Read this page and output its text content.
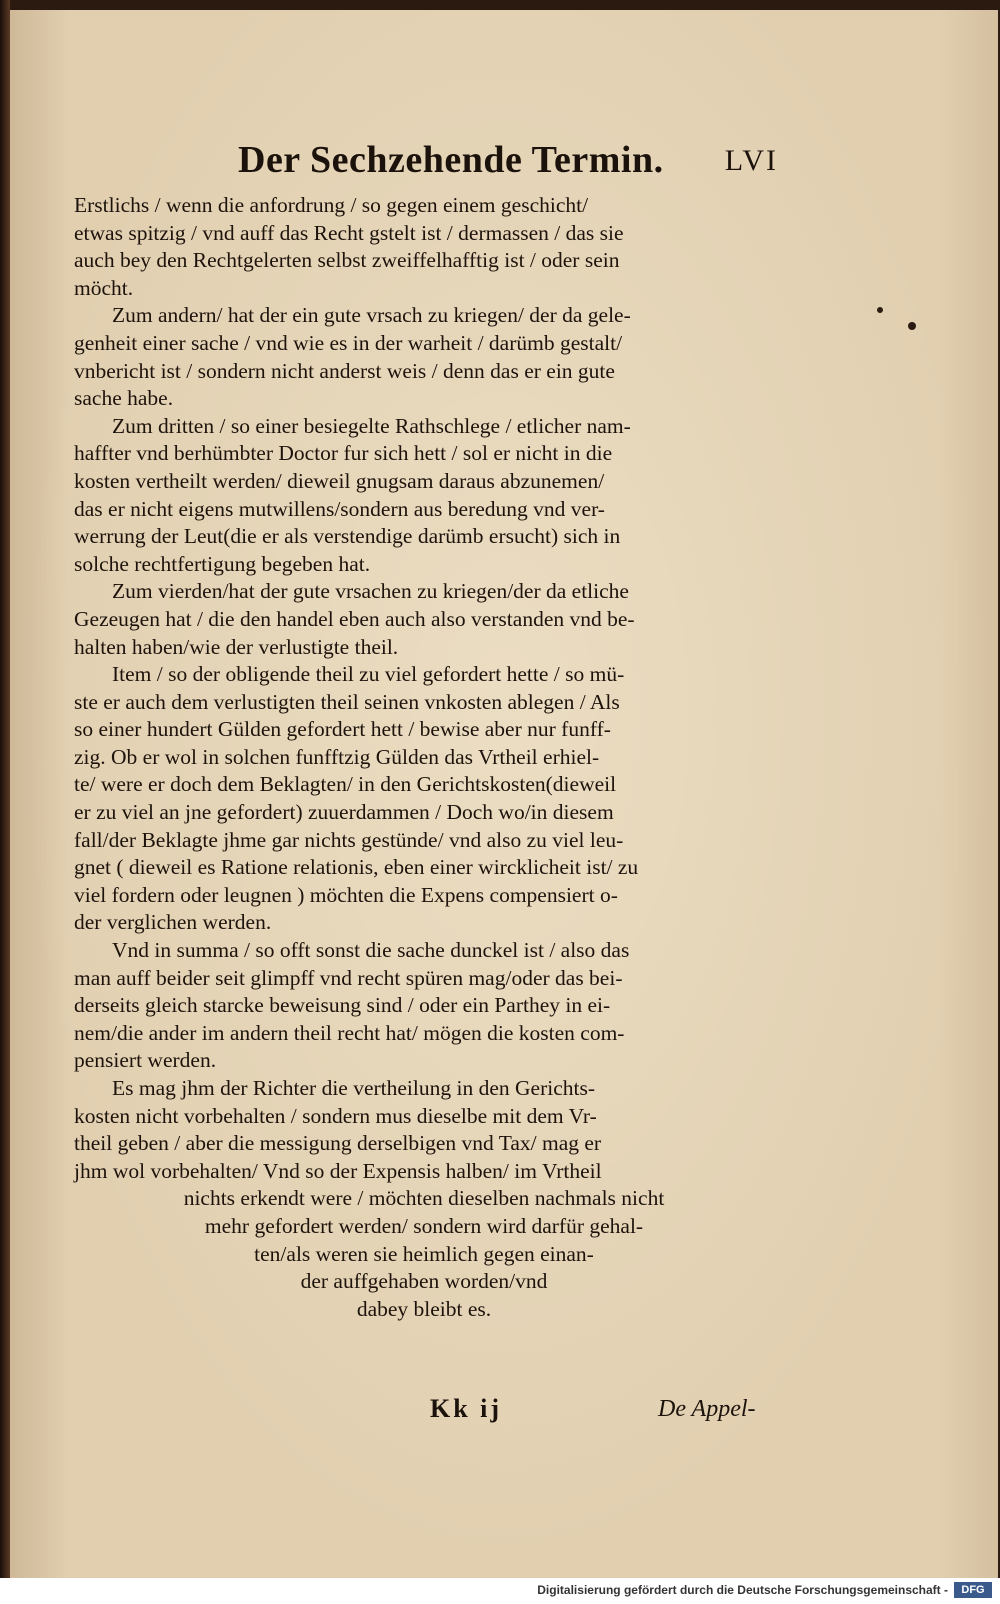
Der Sechzehende Termin. LVI
Erstlichs / wenn die anfordrung / so gegen einem geschicht/
etwas spitzig / vnd auff das Recht gstelt ist / dermassen / das sie
auch bey den Rechtgelerten selbst zweiffelhafftig ist / oder sein
möcht.
Zum andern/ hat der ein gute vrsach zu kriegen/ der da gele-
genheit einer sache / vnd wie es in der warheit / darümb gestalt/
vnbericht ist / sondern nicht anderst weis / denn das er ein gute
sache habe.
Zum dritten / so einer besiegelte Rathschlege / etlicher nam-
haffter vnd berhümbter Doctor fur sich hett / sol er nicht in die
kosten vertheilt werden/ dieweil gnugsam daraus abzunemen/
das er nicht eigens mutwillens/sondern aus beredung vnd ver-
werrung der Leut(die er als verstendige darümb ersucht) sich in
solche rechtfertigung begeben hat.
Zum vierden/hat der gute vrsachen zu kriegen/der da etliche
Gezeugen hat / die den handel eben auch also verstanden vnd be-
halten haben/wie der verlustigte theil.
Item / so der obligende theil zu viel gefordert hette / so mü-
ste er auch dem verlustigten theil seinen vnkosten ablegen / Als
so einer hundert Gülden gefordert hett / bewise aber nur funff-
zig. Ob er wol in solchen funfftzig Gülden das Vrtheil erhiel-
te/ were er doch dem Beklagten/ in den Gerichtskosten(dieweil
er zu viel an jne gefordert) zuuerdammen / Doch wo/in diesem
fall/der Beklagte jhme gar nichts gestünde/ vnd also zu viel leu-
gnet ( dieweil es Ratione relationis, eben einer wircklicheit ist/ zu
viel fordern oder leugnen ) möchten die Expens compensiert o-
der verglichen werden.
Vnd in summa / so offt sonst die sache dunckel ist / also das
man auff beider seit glimpff vnd recht spüren mag/oder das bei-
derseits gleich starcke beweisung sind / oder ein Parthey in ei-
nem/die ander im andern theil recht hat/ mögen die kosten com-
pensiert werden.
Es mag jhm der Richter die vertheilung in den Gerichts-
kosten nicht vorbehalten / sondern mus dieselbe mit dem Vr-
theil geben / aber die messigung derselbigen vnd Tax/ mag er
jhm wol vorbehalten/ Vnd so der Expensis halben/ im Vrtheil
nichts erkendt were / möchten dieselben nachmals nicht
mehr gefordert werden/ sondern wird darfür gehal-
ten/als weren sie heimlich gegen einan-
der auffgehaben worden/vnd
dabey bleibt es.
Kk ij	De Appel-
Digitalisierung gefördert durch die Deutsche Forschungsgemeinschaft -	DFG
